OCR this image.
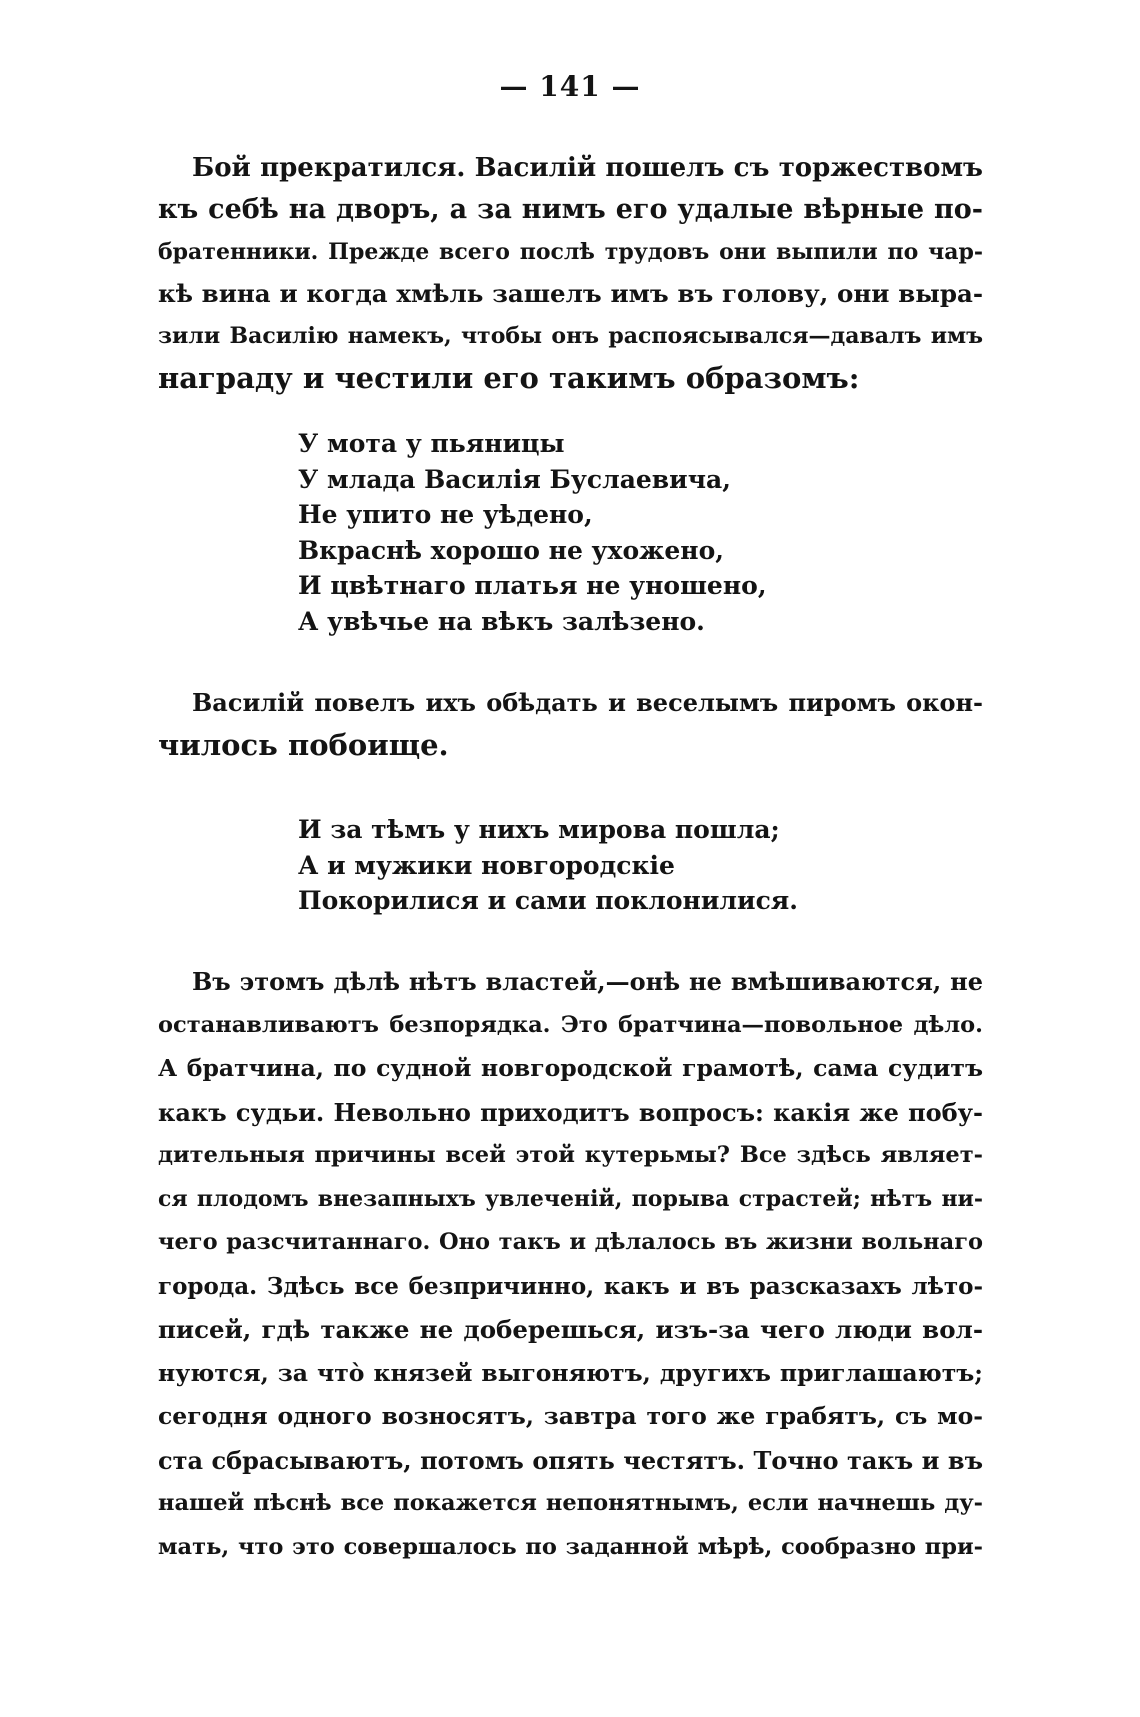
— 141 —
Бой прекратился. Василій пошелъ съ торжествомъ
къ себѣ на дворъ, а за нимъ его удалые вѣрные по-
братенники. Прежде всего послѣ трудовъ они выпили по чар-
кѣ вина и когда хмѣль зашелъ имъ въ голову, они выра-
зили Василію намекъ, чтобы онъ распоясывался—давалъ имъ
награду и честили его такимъ образомъ:
У мота у пьяницы
У млада Василія Буслаевича,
Не упито не уѣдено,
Вкраснѣ хорошо не ухожено,
И цвѣтнаго платья не уношено,
А увѣчье на вѣкъ залѣзено.
Василій повелъ ихъ обѣдать и веселымъ пиромъ окон-
чилось побоище.
И за тѣмъ у нихъ мирова пошла;
А и мужики новгородскіе
Покорилися и сами поклонилися.
Въ этомъ дѣлѣ нѣтъ властей,—онѣ не вмѣшиваются, не
останавливаютъ безпорядка. Это братчина—повольное дѣло.
А братчина, по судной новгородской грамотѣ, сама судитъ
какъ судьи. Невольно приходитъ вопросъ: какія же побу-
дительныя причины всей этой кутерьмы? Все здѣсь являет-
ся плодомъ внезапныхъ увлеченій, порыва страстей; нѣтъ ни-
чего разсчитаннаго. Оно такъ и дѣлалось въ жизни вольнаго
города. Здѣсь все безпричинно, какъ и въ разсказахъ лѣто-
писей, гдѣ также не доберешься, изъ-за чего люди вол-
нуются, за что̀ князей выгоняютъ, другихъ приглашаютъ;
сегодня одного возносятъ, завтра того же грабятъ, съ мо-
ста сбрасываютъ, потомъ опять честятъ. Точно такъ и въ
нашей пѣснѣ все покажется непонятнымъ, если начнешь ду-
мать, что это совершалось по заданной мѣрѣ, сообразно при-
